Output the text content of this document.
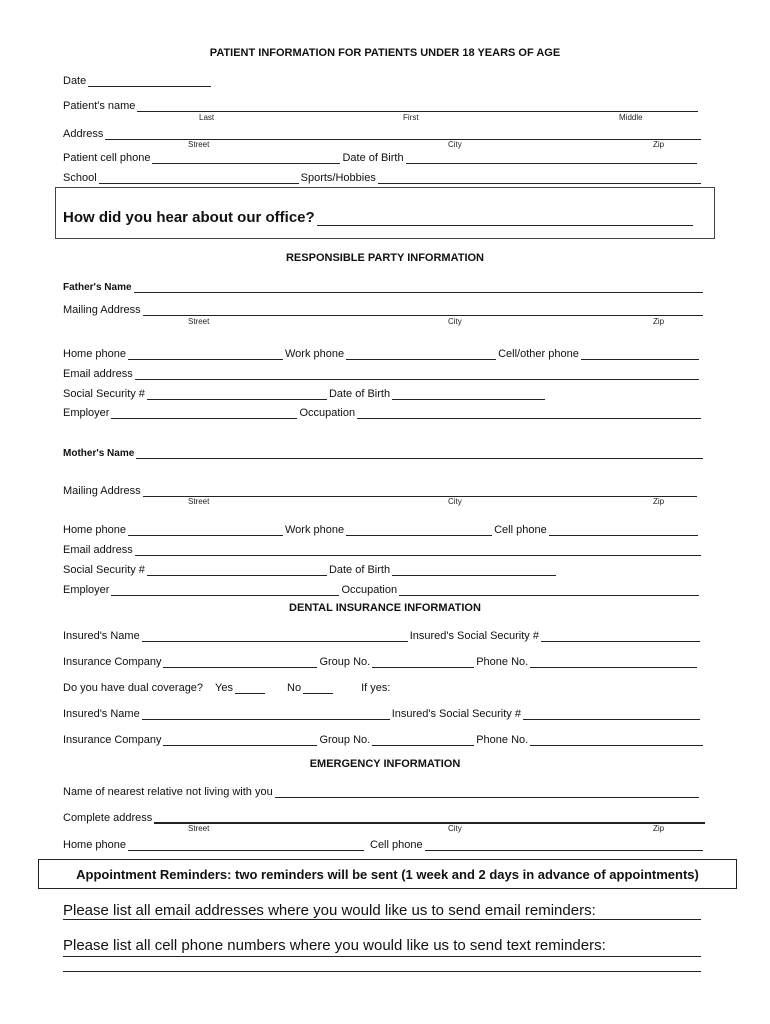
PATIENT INFORMATION FOR PATIENTS UNDER 18 YEARS OF AGE
Date
Patient's name
Last	First	Middle
Address
Street	City	Zip
Patient cell phone	Date of Birth
School	Sports/Hobbies
How did you hear about our office?
RESPONSIBLE PARTY INFORMATION
Father's Name
Mailing Address
Street	City	Zip
Home phone	Work phone	Cell/other phone
Email address
Social Security #	Date of Birth
Employer	Occupation
Mother's Name
Mailing Address
Street	City	Zip
Home phone	Work phone	Cell phone
Email address
Social Security #	Date of Birth
Employer	Occupation
DENTAL INSURANCE INFORMATION
Insured's Name	Insured's Social Security #
Insurance Company	Group No.	Phone No.
Do you have dual coverage? Yes	No	If yes:
Insured's Name	Insured's Social Security #
Insurance Company	Group No.	Phone No.
EMERGENCY INFORMATION
Name of nearest relative not living with you
Complete address
Street	City	Zip
Home phone	Cell phone
Appointment Reminders: two reminders will be sent (1 week and 2 days in advance of appointments)
Please list all email addresses where you would like us to send email reminders:
Please list all cell phone numbers where you would like us to send text reminders:
